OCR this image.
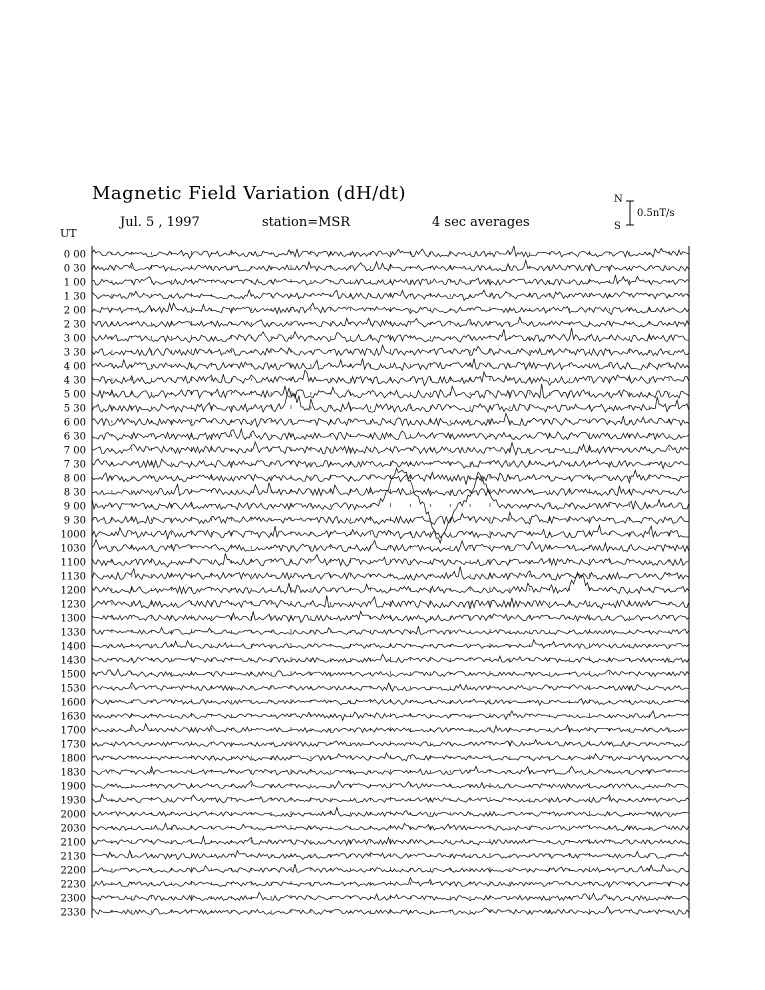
Magnetic Field Variation (dH/dt)
Jul. 5 , 1997	station=MSR	4 sec averages
UT
N
S
0.5nT/s
0 00
0 30
1 00
1 30
2 00
2 30
3 00
3 30
4 00
4 30
5 00
5 30
6 00
6 30
7 00
7 30
8 00
8 30
9 00
9 30
1000
1030
1100
1130
1200
1230
1300
1330
1400
1430
1500
1530
1600
1630
1700
1730
1800
1830
1900
1930
2000
2030
2100
2130
2200
2230
2300
2330
